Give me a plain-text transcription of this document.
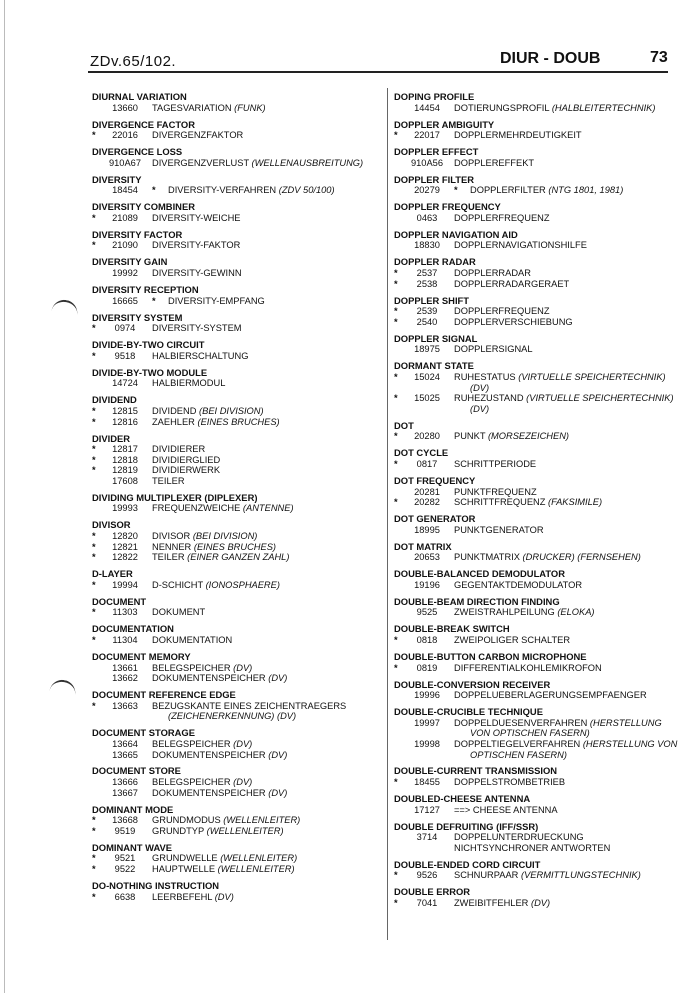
ZDv.65/102.	DIUR - DOUB	73
DIURNAL VARIATION
13660	TAGESVARIATION (FUNK)
DIVERGENCE FACTOR
*	22016	DIVERGENZFAKTOR
DIVERGENCE LOSS
910A67	DIVERGENZVERLUST (WELLENAUSBREITUNG)
DIVERSITY
18454	* DIVERSITY-VERFAHREN (ZDV 50/100)
DIVERSITY COMBINER
*	21089	DIVERSITY-WEICHE
DIVERSITY FACTOR
*	21090	DIVERSITY-FAKTOR
DIVERSITY GAIN
19992	DIVERSITY-GEWINN
DIVERSITY RECEPTION
16665	* DIVERSITY-EMPFANG
DIVERSITY SYSTEM
*	0974	DIVERSITY-SYSTEM
DIVIDE-BY-TWO CIRCUIT
*	9518	HALBIERSCHALTUNG
DIVIDE-BY-TWO MODULE
14724	HALBIERMODUL
DIVIDEND
*	12815	DIVIDEND (BEI DIVISION)
*	12816	ZAEHLER (EINES BRUCHES)
DIVIDER
*	12817	DIVIDIERER
*	12818	DIVIDIERGLIED
*	12819	DIVIDIERWERK
17608	TEILER
DIVIDING MULTIPLEXER (DIPLEXER)
19993	FREQUENZWEICHE (ANTENNE)
DIVISOR
*	12820	DIVISOR (BEI DIVISION)
*	12821	NENNER (EINES BRUCHES)
*	12822	TEILER (EINER GANZEN ZAHL)
D-LAYER
*	19994	D-SCHICHT (IONOSPHAERE)
DOCUMENT
*	11303	DOKUMENT
DOCUMENTATION
*	11304	DOKUMENTATION
DOCUMENT MEMORY
13661	BELEGSPEICHER (DV)
13662	DOKUMENTENSPEICHER (DV)
DOCUMENT REFERENCE EDGE
*	13663	BEZUGSKANTE EINES ZEICHENTRAEGERS
(ZEICHENERKENNUNG) (DV)
DOCUMENT STORAGE
13664	BELEGSPEICHER (DV)
13665	DOKUMENTENSPEICHER (DV)
DOCUMENT STORE
13666	BELEGSPEICHER (DV)
13667	DOKUMENTENSPEICHER (DV)
DOMINANT MODE
*	13668	GRUNDMODUS (WELLENLEITER)
*	9519	GRUNDTYP (WELLENLEITER)
DOMINANT WAVE
*	9521	GRUNDWELLE (WELLENLEITER)
*	9522	HAUPTWELLE (WELLENLEITER)
DO-NOTHING INSTRUCTION
*	6638	LEERBEFEHL (DV)
DOPING PROFILE
14454	DOTIERUNGSPROFIL (HALBLEITERTECHNIK)
DOPPLER AMBIGUITY
*	22017	DOPPLERMEHRDEUTIGKEIT
DOPPLER EFFECT
910A56	DOPPLEREFFEKT
DOPPLER FILTER
20279	* DOPPLERFILTER (NTG 1801, 1981)
DOPPLER FREQUENCY
0463	DOPPLERFREQUENZ
DOPPLER NAVIGATION AID
18830	DOPPLERNAVIGATIONSHILFE
DOPPLER RADAR
*	2537	DOPPLERRADAR
*	2538	DOPPLERRADARGERAET
DOPPLER SHIFT
*	2539	DOPPLERFREQUENZ
*	2540	DOPPLERVERSCHIEBUNG
DOPPLER SIGNAL
18975	DOPPLERSIGNAL
DORMANT STATE
*	15024	RUHESTATUS (VIRTUELLE SPEICHERTECHNIK)
(DV)
*	15025	RUHEZUSTAND (VIRTUELLE SPEICHERTECHNIK)
(DV)
DOT
*	20280	PUNKT (MORSEZEICHEN)
DOT CYCLE
*	0817	SCHRITTPERIODE
DOT FREQUENCY
20281	PUNKTFREQUENZ
*	20282	SCHRITTFREQUENZ (FAKSIMILE)
DOT GENERATOR
18995	PUNKTGENERATOR
DOT MATRIX
20653	PUNKTMATRIX (DRUCKER) (FERNSEHEN)
DOUBLE-BALANCED DEMODULATOR
19196	GEGENTAKTDEMODULATOR
DOUBLE-BEAM DIRECTION FINDING
9525	ZWEISTRAHLPEILUNG (ELOKA)
DOUBLE-BREAK SWITCH
*	0818	ZWEIPOLIGER SCHALTER
DOUBLE-BUTTON CARBON MICROPHONE
*	0819	DIFFERENTIALKOHLEMIKROFON
DOUBLE-CONVERSION RECEIVER
19996	DOPPELUEBERLAGERUNGSEMPFAENGER
DOUBLE-CRUCIBLE TECHNIQUE
19997	DOPPELDUESENVERFAHREN (HERSTELLUNG
VON OPTISCHEN FASERN)
19998	DOPPELTIEGELVERFAHREN (HERSTELLUNG VON
OPTISCHEN FASERN)
DOUBLE-CURRENT TRANSMISSION
*	18455	DOPPELSTROMBETRIEB
DOUBLED-CHEESE ANTENNA
17127	==> CHEESE ANTENNA
DOUBLE DEFRUITING (IFF/SSR)
3714	DOPPELUNTERDRUECKUNG
NICHTSYNCHRONER ANTWORTEN
DOUBLE-ENDED CORD CIRCUIT
*	9526	SCHNURPAAR (VERMITTLUNGSTECHNIK)
DOUBLE ERROR
*	7041	ZWEIBITFEHLER (DV)
